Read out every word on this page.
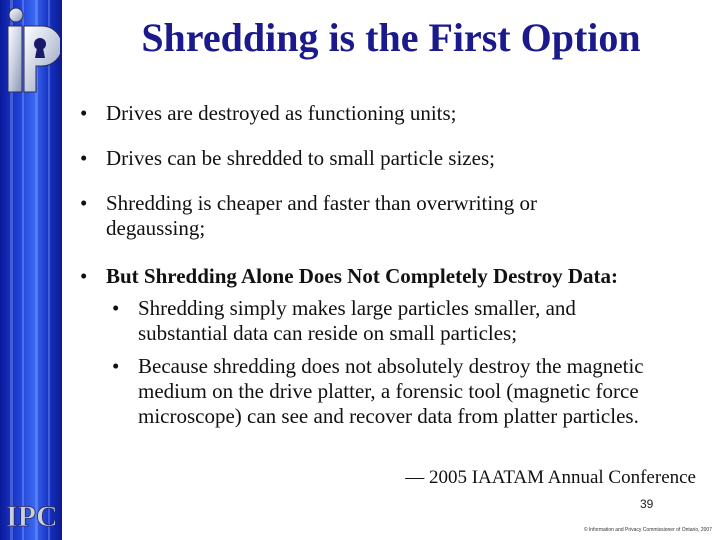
IPC
Shredding is the First Option
• Drives are destroyed as functioning units;
• Drives can be shredded to small particle sizes;
• Shredding is cheaper and faster than overwriting or degaussing;
• But Shredding Alone Does Not Completely Destroy Data:
• Shredding simply makes large particles smaller, and substantial data can reside on small particles;
• Because shredding does not absolutely destroy the magnetic medium on the drive platter, a forensic tool (magnetic force microscope) can see and recover data from platter particles.
— 2005 IAATAM Annual Conference
39
© Information and Privacy Commissioner of Ontario, 2007
